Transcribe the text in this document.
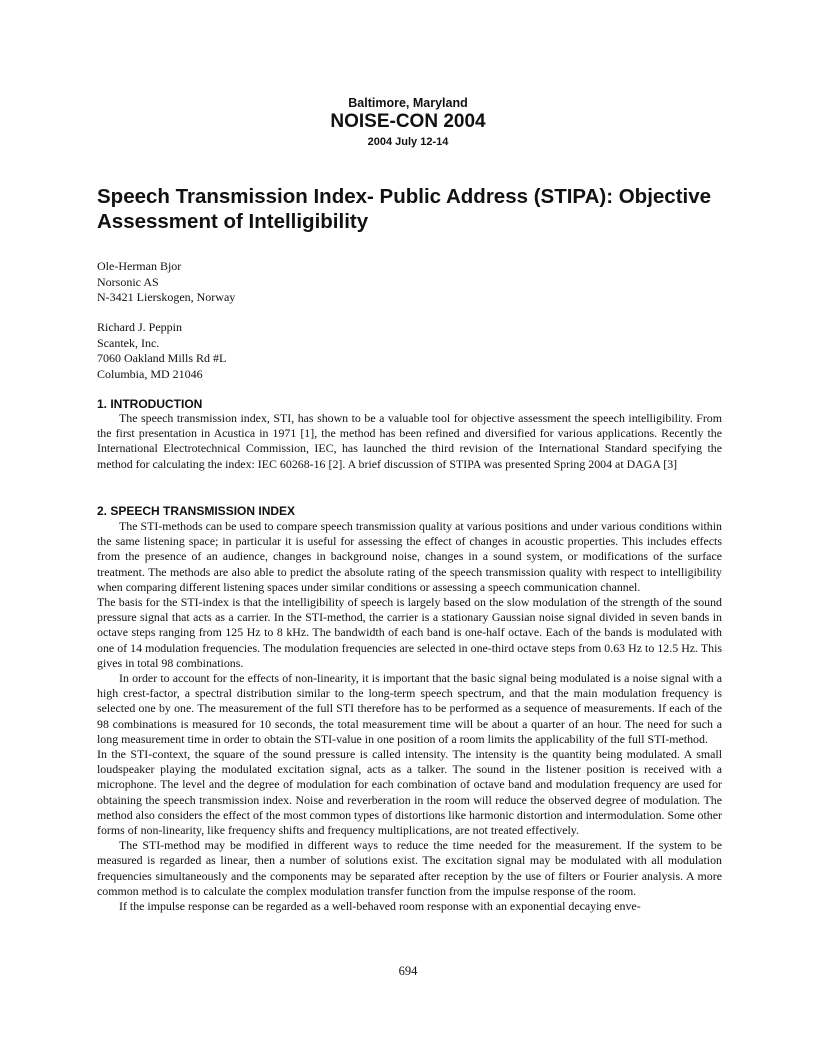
Baltimore, Maryland
NOISE-CON 2004
2004 July 12-14
Speech Transmission Index- Public Address (STIPA): Objective Assessment of Intelligibility
Ole-Herman Bjor
Norsonic AS
N-3421 Lierskogen, Norway
Richard J. Peppin
Scantek, Inc.
7060 Oakland Mills Rd #L
Columbia, MD 21046
1. INTRODUCTION

The speech transmission index, STI, has shown to be a valuable tool for objective assessment the speech intelligibility. From the first presentation in Acustica in 1971 [1], the method has been refined and diversified for various applications. Recently the International Electrotechnical Commission, IEC, has launched the third revision of the International Standard specifying the method for calculating the index: IEC 60268-16 [2]. A brief discussion of STIPA was presented Spring 2004 at DAGA [3]

2. SPEECH TRANSMISSION INDEX

The STI-methods can be used to compare speech transmission quality at various positions and under various conditions within the same listening space; in particular it is useful for assessing the effect of changes in acoustic properties. This includes effects from the presence of an audience, changes in background noise, changes in a sound system, or modifications of the surface treatment. The methods are also able to predict the absolute rating of the speech transmission quality with respect to intelligibility when comparing different listening spaces under similar conditions or assessing a speech communication channel.

The basis for the STI-index is that the intelligibility of speech is largely based on the slow modulation of the strength of the sound pressure signal that acts as a carrier. In the STI-method, the carrier is a stationary Gaussian noise signal divided in seven bands in octave steps ranging from 125 Hz to 8 kHz. The bandwidth of each band is one-half octave. Each of the bands is modulated with one of 14 modulation frequencies. The modulation frequencies are selected in one-third octave steps from 0.63 Hz to 12.5 Hz. This gives in total 98 combinations.

In order to account for the effects of non-linearity, it is important that the basic signal being modulated is a noise signal with a high crest-factor, a spectral distribution similar to the long-term speech spectrum, and that the main modulation frequency is selected one by one. The measurement of the full STI therefore has to be performed as a sequence of measurements. If each of the 98 combinations is measured for 10 seconds, the total measurement time will be about a quarter of an hour. The need for such a long measurement time in order to obtain the STI-value in one position of a room limits the applicability of the full STI-method.

In the STI-context, the square of the sound pressure is called intensity. The intensity is the quantity being modulated. A small loudspeaker playing the modulated excitation signal, acts as a talker. The sound in the listener position is received with a microphone. The level and the degree of modulation for each combination of octave band and modulation frequency are used for obtaining the speech transmission index. Noise and reverberation in the room will reduce the observed degree of modulation. The method also considers the effect of the most common types of distortions like harmonic distortion and intermodulation. Some other forms of non-linearity, like frequency shifts and frequency multiplications, are not treated effectively.

The STI-method may be modified in different ways to reduce the time needed for the measurement. If the system to be measured is regarded as linear, then a number of solutions exist. The excitation signal may be modulated with all modulation frequencies simultaneously and the components may be separated after reception by the use of filters or Fourier analysis. A more common method is to calculate the complex modulation transfer function from the impulse response of the room.

If the impulse response can be regarded as a well-behaved room response with an exponential decaying enve-

694
